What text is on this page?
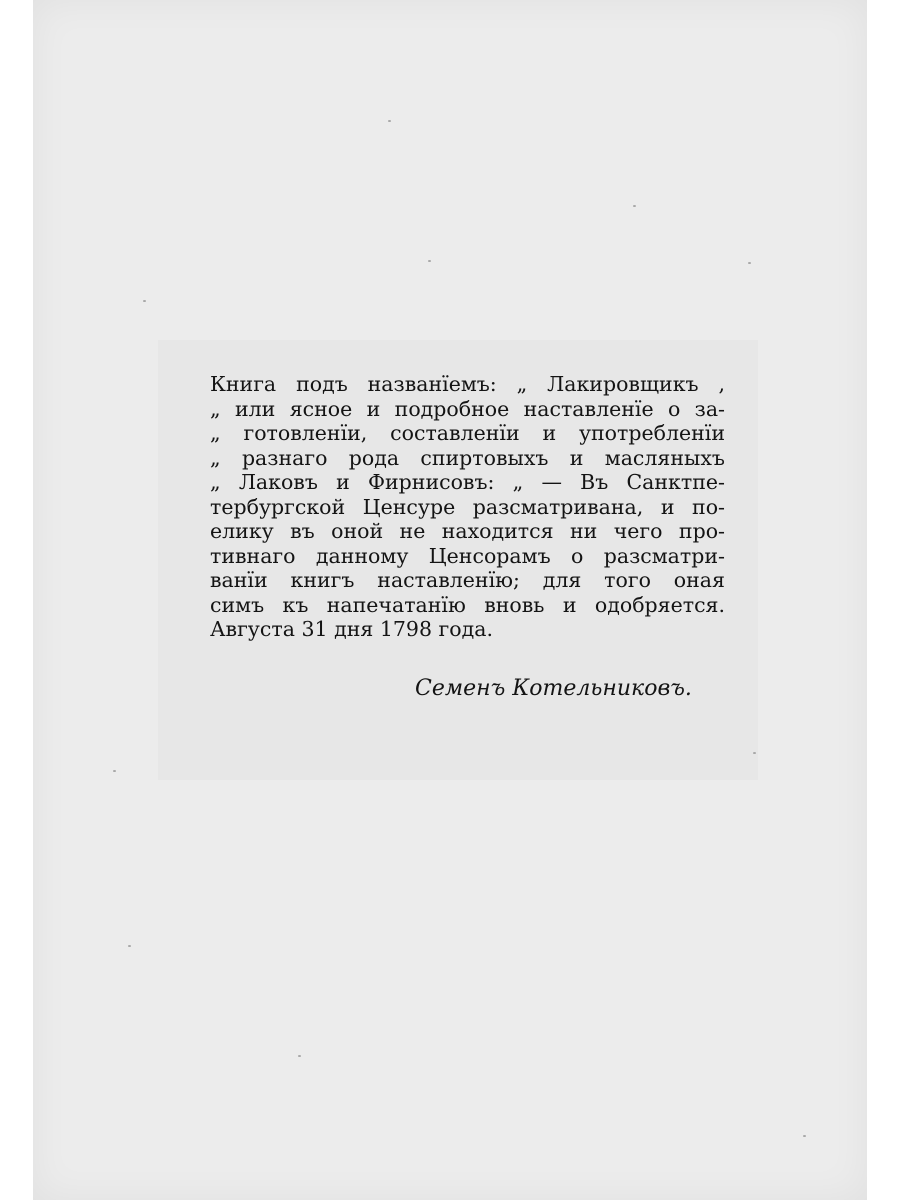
Книга подъ названїемъ: „ Лакировщикъ ,
„ или ясное и подробное наставленїе о за-
„ готовленїи, составленїи и употребленїи
„ разнаго рода спиртовыхъ и масляныхъ
„ Лаковъ и Фирнисовъ: „ — Въ Санктпе-
тербургской Ценсуре разсматривана, и по-
елику въ оной не находится ни чего про-
тивнаго данному Ценсорамъ о разсматри-
ванїи книгъ наставленїю; для того оная
симъ къ напечатанїю вновь и одобряется.
Августа
31
дня
1798
года.
Семенъ Котельниковъ.
